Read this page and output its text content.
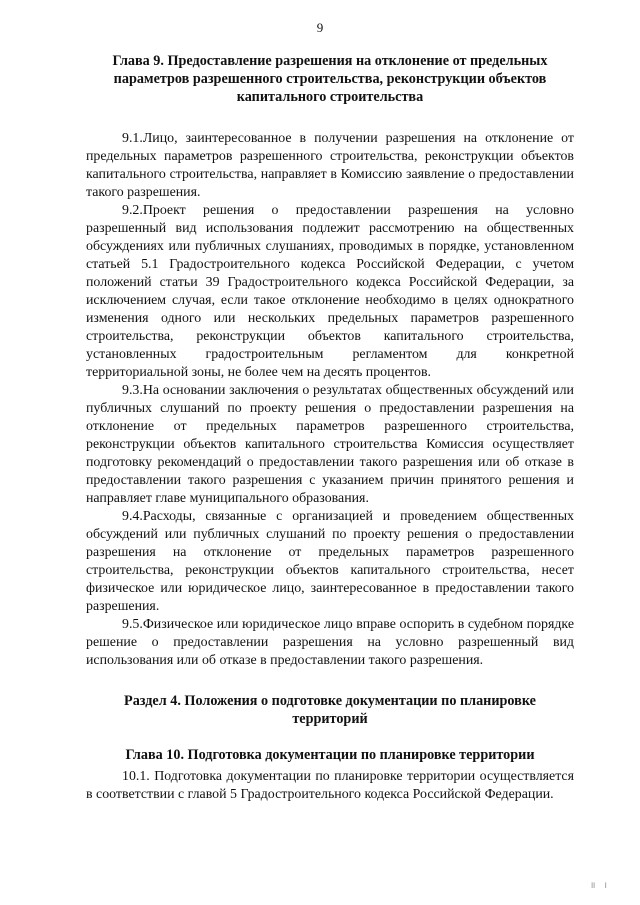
9
Глава 9. Предоставление разрешения на отклонение от предельных параметров разрешенного строительства, реконструкции объектов капитального строительства

9.1.Лицо, заинтересованное в получении разрешения на отклонение от предельных параметров разрешенного строительства, реконструкции объектов капитального строительства, направляет в Комиссию заявление о предоставлении такого разрешения.

9.2.Проект решения о предоставлении разрешения на условно разрешенный вид использования подлежит рассмотрению на общественных обсуждениях или публичных слушаниях, проводимых в порядке, установленном статьей 5.1 Градостроительного кодекса Российской Федерации, с учетом положений статьи 39 Градостроительного кодекса Российской Федерации, за исключением случая, если такое отклонение необходимо в целях однократного изменения одного или нескольких предельных параметров разрешенного строительства, реконструкции объектов капитального строительства, установленных градостроительным регламентом для конкретной территориальной зоны, не более чем на десять процентов.

9.3.На основании заключения о результатах общественных обсуждений или публичных слушаний по проекту решения о предоставлении разрешения на отклонение от предельных параметров разрешенного строительства, реконструкции объектов капитального строительства Комиссия осуществляет подготовку рекомендаций о предоставлении такого разрешения или об отказе в предоставлении такого разрешения с указанием причин принятого решения и направляет главе муниципального образования.

9.4.Расходы, связанные с организацией и проведением общественных обсуждений или публичных слушаний по проекту решения о предоставлении разрешения на отклонение от предельных параметров разрешенного строительства, реконструкции объектов капитального строительства, несет физическое или юридическое лицо, заинтересованное в предоставлении такого разрешения.

9.5.Физическое или юридическое лицо вправе оспорить в судебном порядке решение о предоставлении разрешения на условно разрешенный вид использования или об отказе в предоставлении такого разрешения.

Раздел 4. Положения о подготовке документации по планировке территорий
Глава 10. Подготовка документации по планировке территории

10.1. Подготовка документации по планировке территории осуществляется в соответствии с главой 5 Градостроительного кодекса Российской Федерации.

॥ ।
